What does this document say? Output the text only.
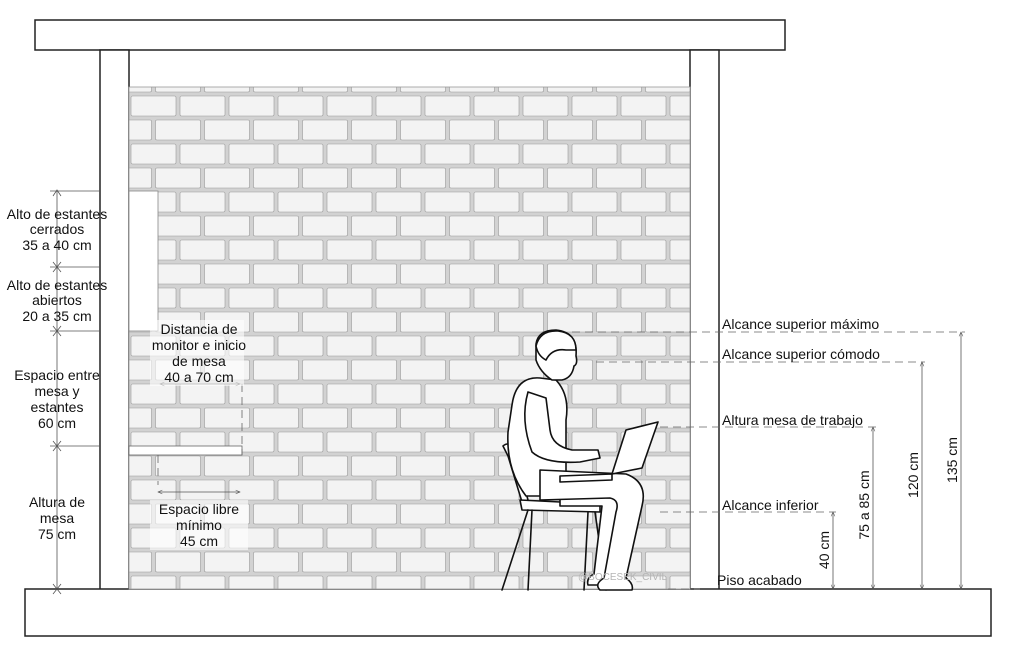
Alto de estantes
cerrados
35 a 40 cm
Alto de estantes
abiertos
20 a 35 cm
Espacio entre
mesa y
estantes
60 cm
Altura de
mesa
75 cm
Distancia de
monitor e inicio
de mesa
40 a 70 cm
Espacio libre
mínimo
45 cm
Alcance superior máximo
Alcance superior cómodo
Altura mesa de trabajo
Alcance inferior
Piso acabado
40 cm
75 a 85 cm 120 cm 135 cm
@BOCESEK_CIVIL
